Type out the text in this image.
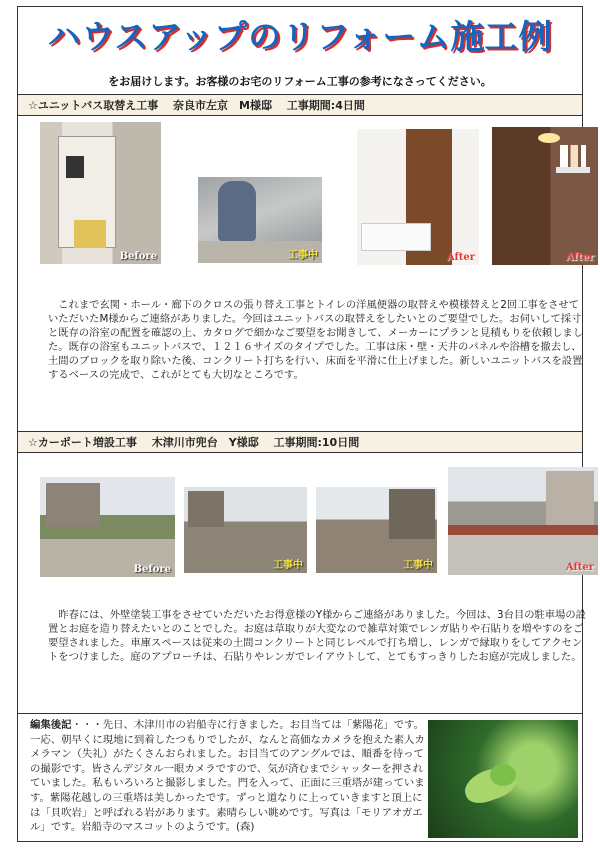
ハウスアップのリフォーム施工例
をお届けします。お客様のお宅のリフォーム工事の参考になさってください。
☆ユニットバス取替え工事　 奈良市左京　M様邸　 工事期間:4日間
Before	工事中	After	After
　これまで玄関・ホール・廊下のクロスの張り替え工事とトイレの洋風便器の取替えや模様替えと2回工事をさせていただいたM様からご連絡がありました。今回はユニットバスの取替えをしたいとのご要望でした。お伺いして採寸と既存の浴室の配置を確認の上、カタログで細かなご要望をお聞きして、メーカーにプランと見積もりを依頼しました。既存の浴室もユニットバスで、１２１６サイズのタイプでした。工事は床・壁・天井のパネルや浴槽を撤去し、土間のブロックを取り除いた後、コンクリート打ちを行い、床面を平滑に仕上げました。新しいユニットバスを設置するベースの完成で、これがとても大切なところです。
☆カーポート増設工事　 木津川市兜台　Y様邸　 工事期間:10日間
Before	工事中	工事中	After
　昨春には、外壁塗装工事をさせていただいたお得意様のY様からご連絡がありました。今回は、3台目の駐車場の設置とお庭を造り替えたいとのことでした。お庭は草取りが大変なので雑草対策でレンガ貼りや石貼りを増やすのをご要望されました。車庫スペースは従来の土間コンクリートと同じレベルで打ち増し、レンガで縁取りをしてアクセントをつけました。庭のアプローチは、石貼りやレンガでレイアウトして、とてもすっきりしたお庭が完成しました。
編集後記・・・先日、木津川市の岩船寺に行きました。お目当ては「紫陽花」です。一応、朝早くに現地に到着したつもりでしたが、なんと高価なカメラを抱えた素人カメラマン（失礼）がたくさんおられました。お目当てのアングルでは、順番を待っての撮影です。皆さんデジタル一眼カメラですので、気が済むまでシャッターを押されていました。私もいろいろと撮影しました。門を入って、正面に三重塔が建っています。紫陽花越しの三重塔は美しかったです。ずっと道なりに上っていきますと頂上には「貝吹岩」と呼ばれる岩があります。素晴らしい眺めです。写真は「モリアオガエル」です。岩船寺のマスコットのようです。(森)
